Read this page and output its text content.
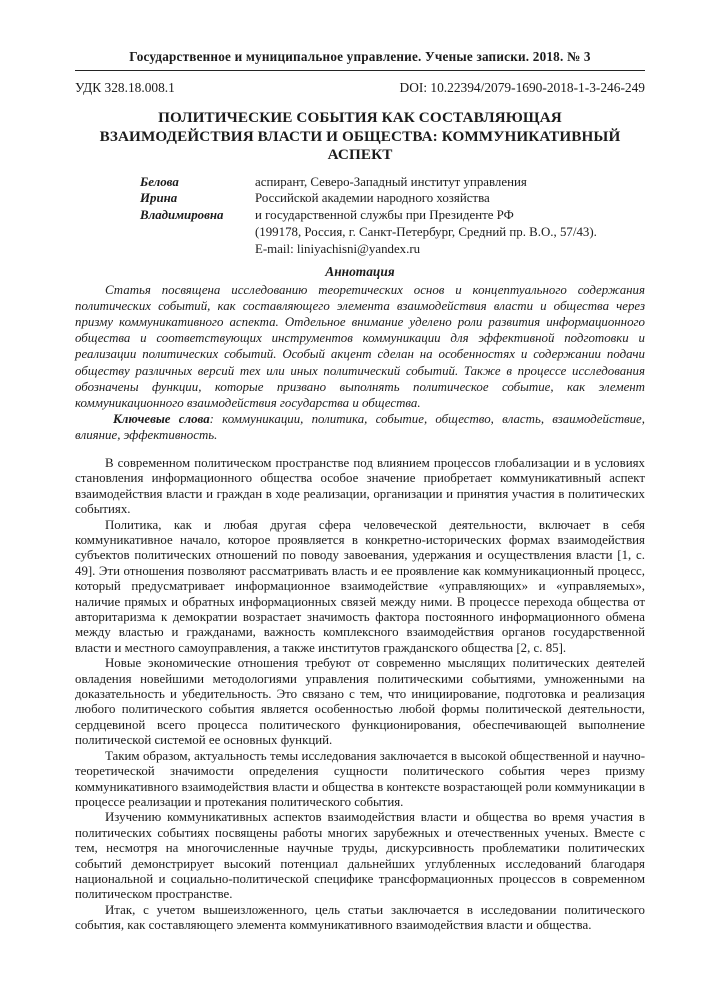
Государственное и муниципальное управление. Ученые записки. 2018. № 3
УДК 328.18.008.1	DOI: 10.22394/2079-1690-2018-1-3-246-249
ПОЛИТИЧЕСКИЕ СОБЫТИЯ КАК СОСТАВЛЯЮЩАЯ
ВЗАИМОДЕЙСТВИЯ ВЛАСТИ И ОБЩЕСТВА: КОММУНИКАТИВНЫЙ АСПЕКТ
Белова
Ирина
Владимировна
аспирант, Северо-Западный институт управления
Российской академии народного хозяйства
и государственной службы при Президенте РФ
(199178, Россия, г. Санкт-Петербург, Средний пр. В.О., 57/43).
E-mail: liniyachisni@yandex.ru
Аннотация

Статья посвящена исследованию теоретических основ и концептуального содержания политических событий, как составляющего элемента взаимодействия власти и общества через призму коммуникативного аспекта. Отдельное внимание уделено роли развития информационного общества и соответствующих инструментов коммуникации для эффективной подготовки и реализации политических событий. Особый акцент сделан на особенностях и содержании подачи обществу различных версий тех или иных политический событий. Также в процессе исследования обозначены функции, которые призвано выполнять политическое событие, как элемент коммуникационного взаимодействия государства и общества.

Ключевые слова: коммуникации, политика, событие, общество, власть, взаимодействие, влияние, эффективность.

В современном политическом пространстве под влиянием процессов глобализации и в условиях становления информационного общества особое значение приобретает коммуникативный аспект взаимодействия власти и граждан в ходе реализации, организации и принятия участия в политических событиях.

Политика, как и любая другая сфера человеческой деятельности, включает в себя коммуникативное начало, которое проявляется в конкретно-исторических формах взаимодействия субъектов политических отношений по поводу завоевания, удержания и осуществления власти [1, с. 49]. Эти отношения позволяют рассматривать власть и ее проявление как коммуникационный процесс, который предусматривает информационное взаимодействие «управляющих» и «управляемых», наличие прямых и обратных информационных связей между ними. В процессе перехода общества от авторитаризма к демократии возрастает значимость фактора постоянного информационного обмена между властью и гражданами, важность комплексного взаимодействия органов государственной власти и местного самоуправления, а также институтов гражданского общества [2, с. 85].

Новые экономические отношения требуют от современно мыслящих политических деятелей овладения новейшими методологиями управления политическими событиями, умноженными на доказательность и убедительность. Это связано с тем, что инициирование, подготовка и реализация любого политического события является особенностью любой формы политической деятельности, сердцевиной всего процесса политического функционирования, обеспечивающей выполнение политической системой ее основных функций.

Таким образом, актуальность темы исследования заключается в высокой общественной и научно-теоретической значимости определения сущности политического события через призму коммуникативного взаимодействия власти и общества в контексте возрастающей роли коммуникации в процессе реализации и протекания политического события.

Изучению коммуникативных аспектов взаимодействия власти и общества во время участия в политических событиях посвящены работы многих зарубежных и отечественных ученых. Вместе с тем, несмотря на многочисленные научные труды, дискурсивность проблематики политических событий демонстрирует высокий потенциал дальнейших углубленных исследований благодаря национальной и социально-политической специфике трансформационных процессов в современном политическом пространстве.

Итак, с учетом вышеизложенного, цель статьи заключается в исследовании политического события, как составляющего элемента коммуникативного взаимодействия власти и общества.
